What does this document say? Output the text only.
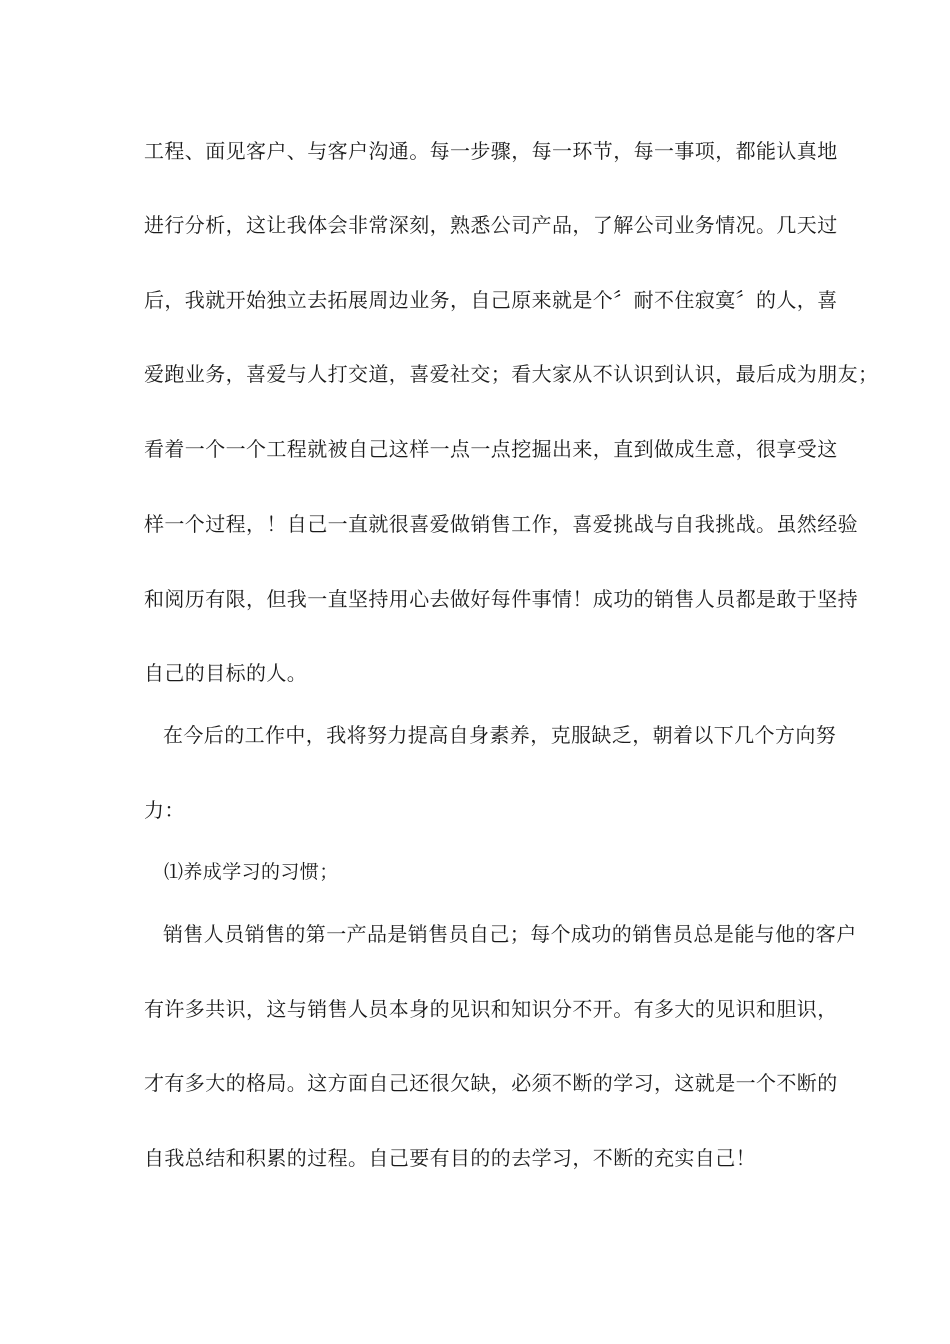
工程、面见客户、与客户沟通。每一步骤，每一环节，每一事项，都能认真地
进行分析，这让我体会非常深刻，熟悉公司产品，了解公司业务情况。几天过
后，我就开始独立去拓展周边业务，自己原来就是个〞耐不住寂寞〞的人，喜
爱跑业务，喜爱与人打交道，喜爱社交；看大家从不认识到认识，最后成为朋友；
看着一个一个工程就被自己这样一点一点挖掘出来，直到做成生意，很享受这
样一个过程，！自己一直就很喜爱做销售工作，喜爱挑战与自我挑战。虽然经验
和阅历有限，但我一直坚持用心去做好每件事情！成功的销售人员都是敢于坚持
自己的目标的人。
在今后的工作中，我将努力提高自身素养，克服缺乏，朝着以下几个方向努
力：
⑴养成学习的习惯；
销售人员销售的第一产品是销售员自己；每个成功的销售员总是能与他的客户
有许多共识，这与销售人员本身的见识和知识分不开。有多大的见识和胆识，
才有多大的格局。这方面自己还很欠缺，必须不断的学习，这就是一个不断的
自我总结和积累的过程。自己要有目的的去学习，不断的充实自己！
